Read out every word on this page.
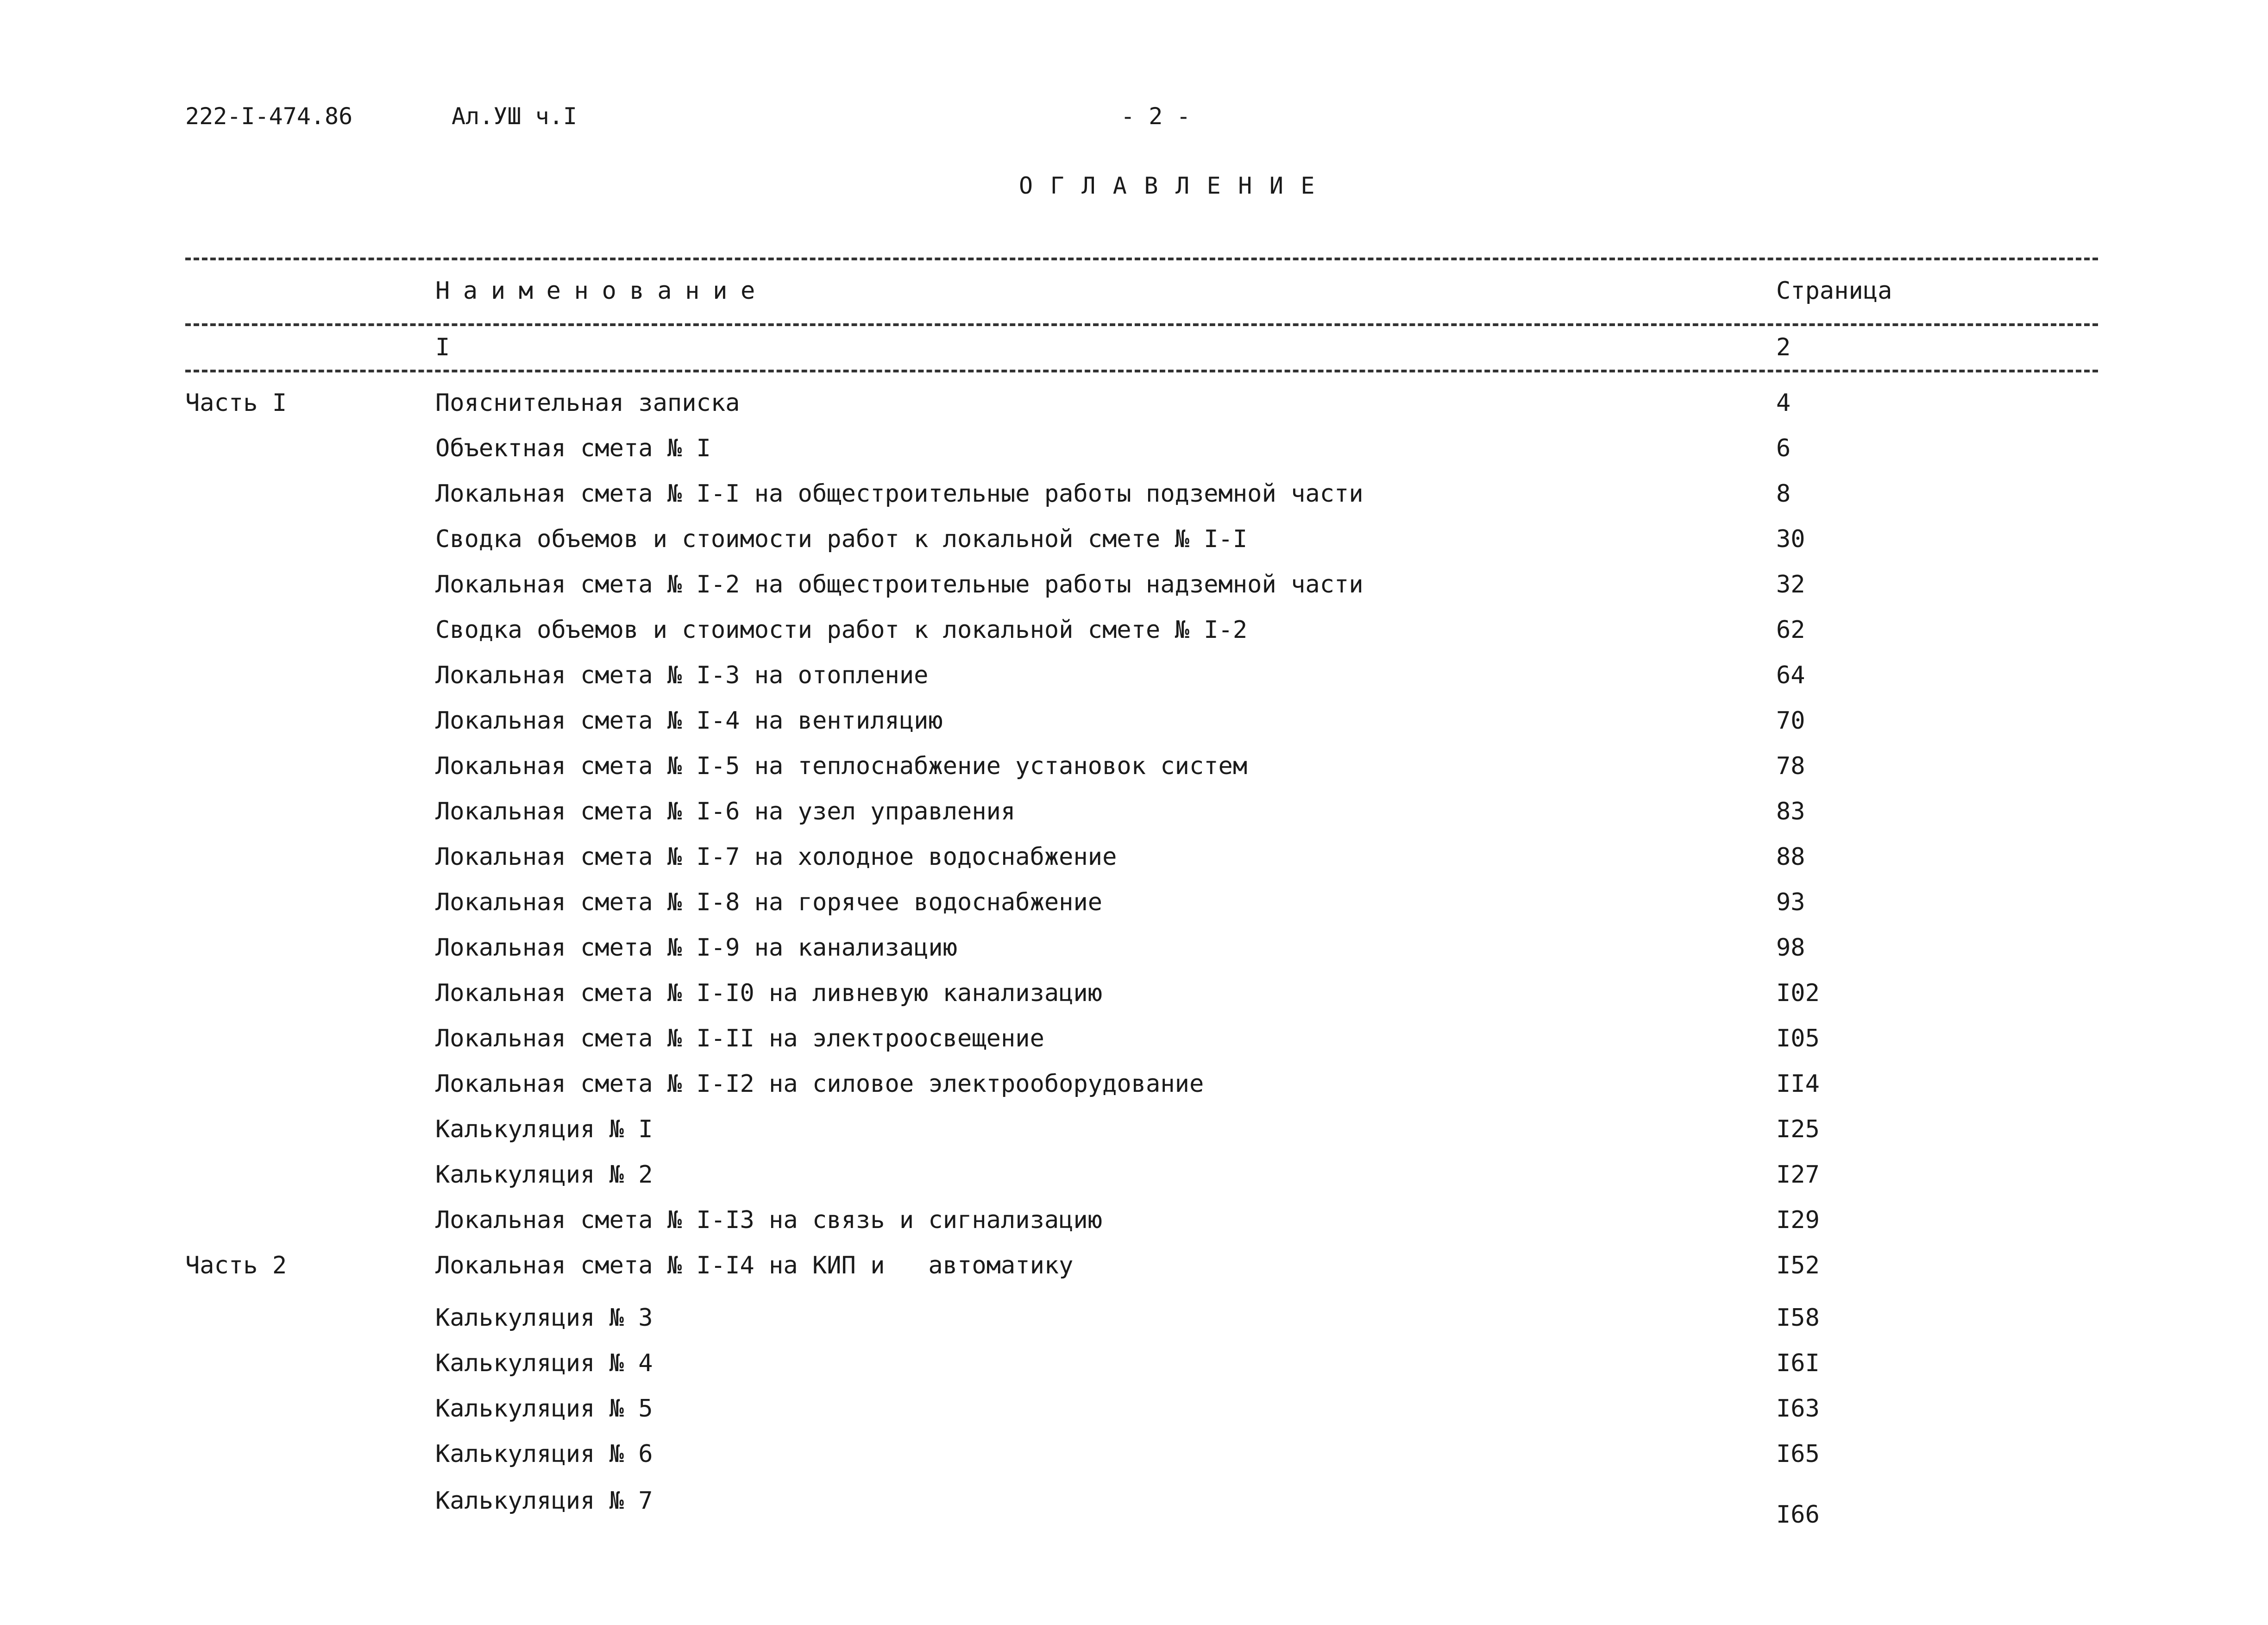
222-I-474.86	Ал.УШ ч.I	- 2 -
ОГЛАВЛЕНИЕ
Наименование	Страница
I	2
Часть I	Пояснительная записка	4
Объектная смета № I	6
Локальная смета № I-I на общестроительные работы подземной части	8
Сводка объемов и стоимости работ к локальной смете № I-I	30
Локальная смета № I-2 на общестроительные работы надземной части	32
Сводка объемов и стоимости работ к локальной смете № I-2	62
Локальная смета № I-3 на отопление	64
Локальная смета № I-4 на вентиляцию	70
Локальная смета № I-5 на теплоснабжение установок систем	78
Локальная смета № I-6 на узел управления	83
Локальная смета № I-7 на холодное водоснабжение	88
Локальная смета № I-8 на горячее водоснабжение	93
Локальная смета № I-9 на канализацию	98
Локальная смета № I-I0 на ливневую канализацию	I02
Локальная смета № I-II на электроосвещение	I05
Локальная смета № I-I2 на силовое электрооборудование	II4
Калькуляция № I	I25
Калькуляция № 2	I27
Локальная смета № I-I3 на связь и сигнализацию	I29
Часть 2	Локальная смета № I-I4 на КИП и   автоматику	I52
Калькуляция № 3	I58
Калькуляция № 4	I6I
Калькуляция № 5	I63
Калькуляция № 6	I65
Калькуляция № 7	I66
